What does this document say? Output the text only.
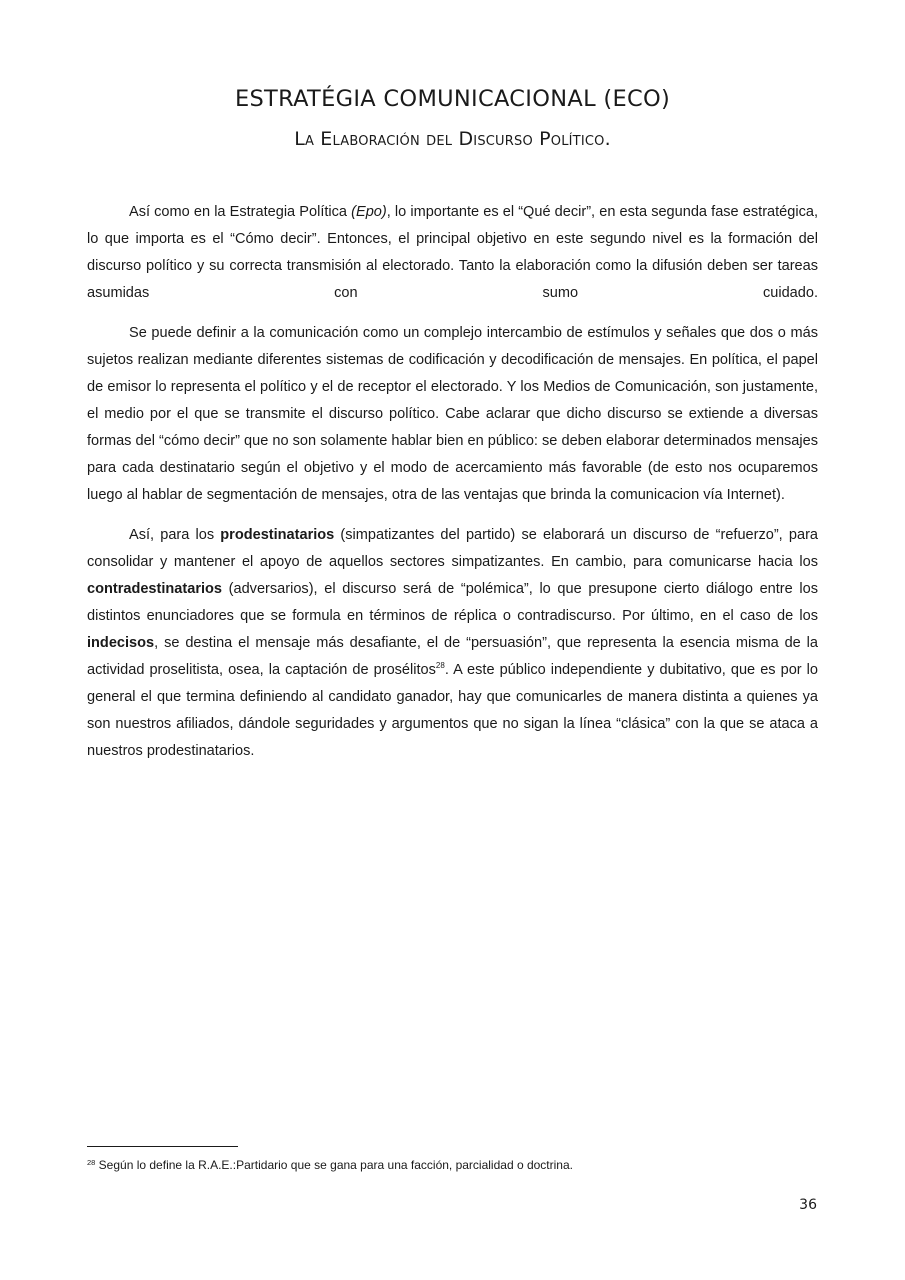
ESTRATÉGIA COMUNICACIONAL (ECO)
La Elaboración del Discurso Político.

Así como en la Estrategia Política (Epo), lo importante es el “Qué decir”, en esta segunda fase estratégica, lo que importa es el “Cómo decir”. Entonces, el principal objetivo en este segundo nivel es la formación del discurso político y su correcta transmisión al electorado. Tanto la elaboración como la difusión deben ser tareas asumidas con sumo cuidado.

Se puede definir a la comunicación como un complejo intercambio de estímulos y señales que dos o más sujetos realizan mediante diferentes sistemas de codificación y decodificación de mensajes. En política, el papel de emisor lo representa el político y el de receptor el electorado. Y los Medios de Comunicación, son justamente, el medio por el que se transmite el discurso político. Cabe aclarar que dicho discurso se extiende a diversas formas del “cómo decir” que no son solamente hablar bien en público: se deben elaborar determinados mensajes para cada destinatario según el objetivo y el modo de acercamiento más favorable (de esto nos ocuparemos luego al hablar de segmentación de mensajes, otra de las ventajas que brinda la comunicacion vía Internet).

Así, para los prodestinatarios (simpatizantes del partido) se elaborará un discurso de “refuerzo”, para consolidar y mantener el apoyo de aquellos sectores simpatizantes. En cambio, para comunicarse hacia los contradestinatarios (adversarios), el discurso será de “polémica”, lo que presupone cierto diálogo entre los distintos enunciadores que se formula en términos de réplica o contradiscurso. Por último, en el caso de los indecisos, se destina el mensaje más desafiante, el de “persuasión”, que representa la esencia misma de la actividad proselitista, osea, la captación de prosélitos$^{28}$. A este público independiente y dubitativo, que es por lo general el que termina definiendo al candidato ganador, hay que comunicarles de manera distinta a quienes ya son nuestros afiliados, dándole seguridades y argumentos que no sigan la línea “clásica” con la que se ataca a nuestros prodestinatarios.

$^{28}$ Según lo define la R.A.E.:Partidario que se gana para una facción, parcialidad o doctrina.
36
